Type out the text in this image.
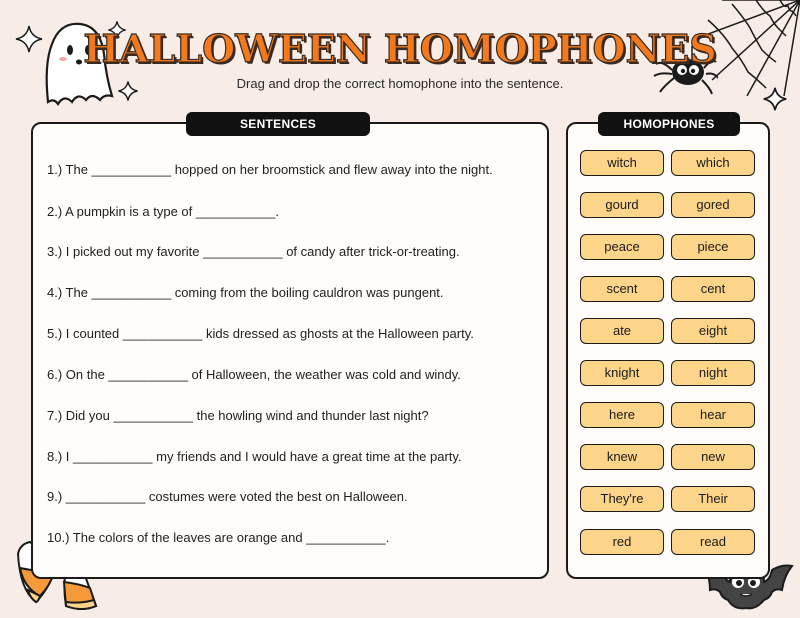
HALLOWEEN HOMOPHONES
Drag and drop the correct homophone into the sentence.
SENTENCES
1.) The ___________ hopped on her broomstick and flew away into the night.
2.) A pumpkin is a type of ___________.
3.) I picked out my favorite ___________ of candy after trick-or-treating.
4.) The ___________ coming from the boiling cauldron was pungent.
5.) I counted ___________ kids dressed as ghosts at the Halloween party.
6.) On the ___________ of Halloween, the weather was cold and windy.
7.) Did you ___________ the howling wind and thunder last night?
8.) I ___________ my friends and I would have a great time at the party.
9.) ___________ costumes were voted the best on Halloween.
10.) The colors of the leaves are orange and ___________.
HOMOPHONES
witch	which
gourd	gored
peace	piece
scent	cent
ate	eight
knight	night
here	hear
knew	new
They're	Their
red	read
